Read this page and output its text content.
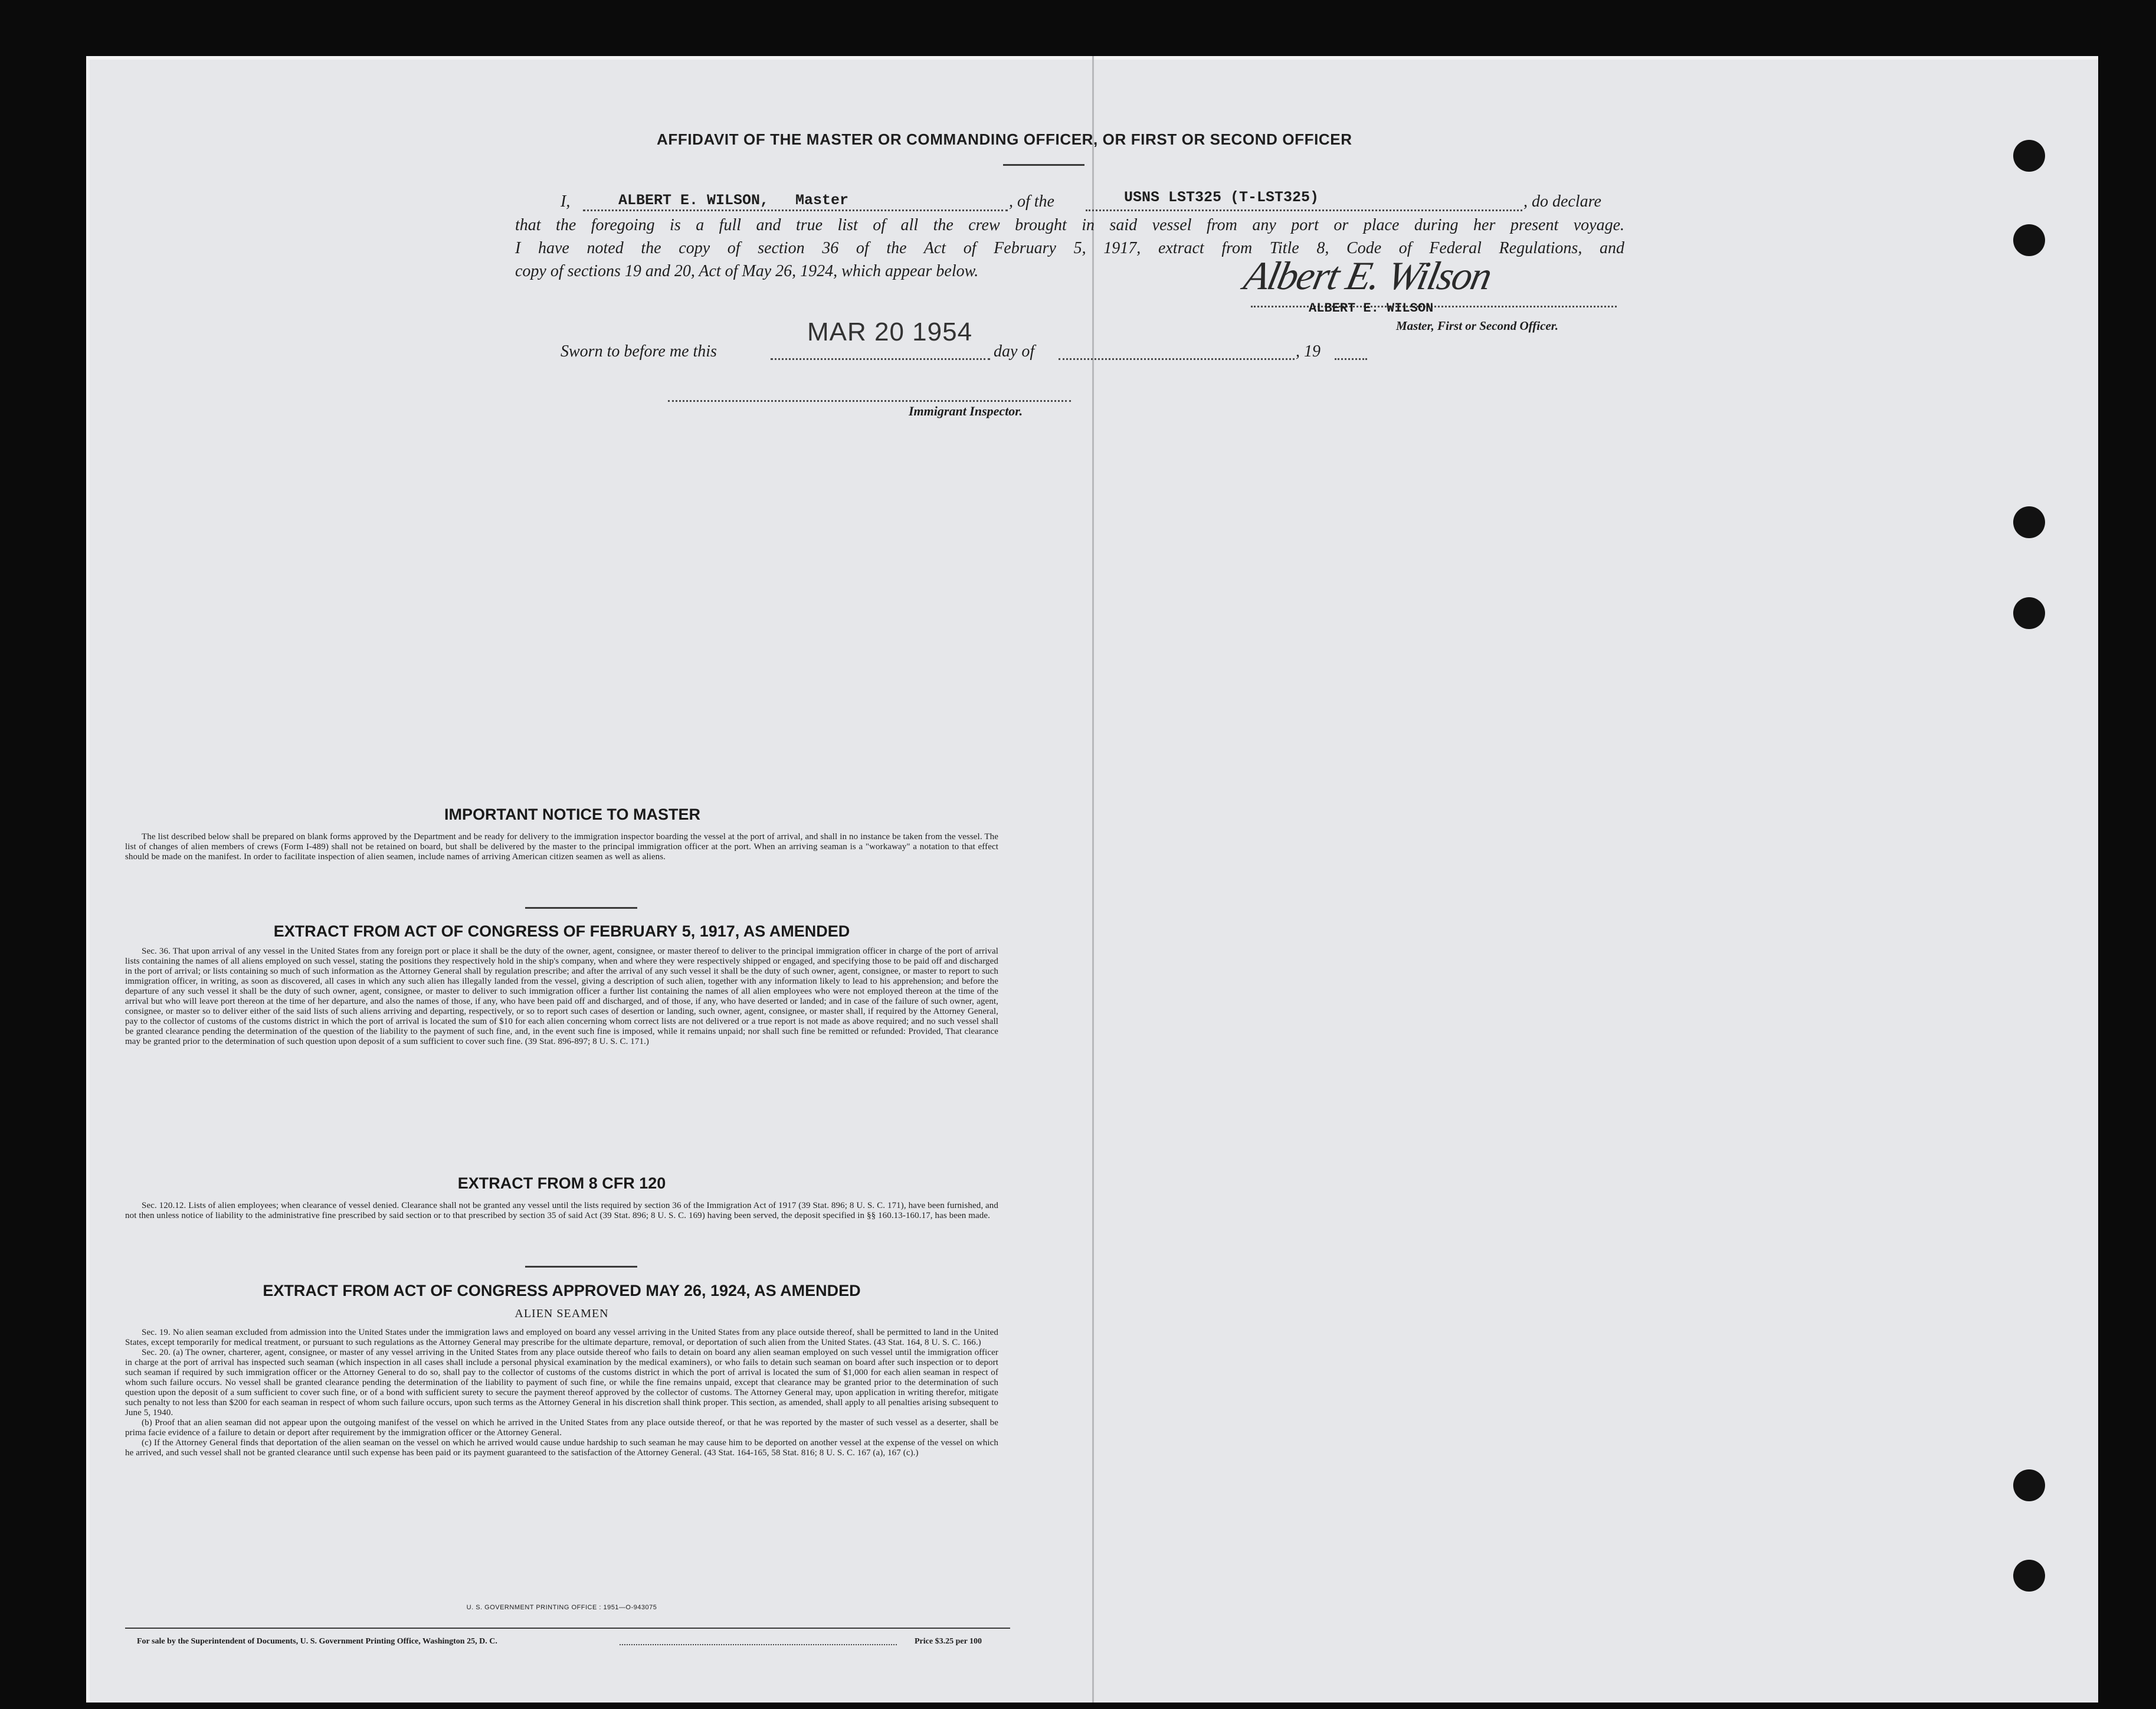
AFFIDAVIT OF THE MASTER OR COMMANDING OFFICER, OR FIRST OR SECOND OFFICER
I,	ALBERT E. WILSON,   Master	, of the	USNS LST325 (T-LST325)	, do declare
that the foregoing is a full and true list of all the crew brought in said vessel from any port or place during her present voyage.
I have noted the copy of section 36 of the Act of February 5, 1917, extract from Title 8, Code of Federal Regulations, and
copy of sections 19 and 20, Act of May 26, 1924, which appear below.	Albert E. Wilson
ALBERT E. WILSON
Master, First or Second Officer.
Sworn to before me this
MAR 20 1954
day of	, 19
Immigrant Inspector.
IMPORTANT NOTICE TO MASTER

The list described below shall be prepared on blank forms approved by the Department and be ready for delivery to the immigration inspector boarding the vessel at the port of arrival, and shall in no instance be taken from the vessel. The list of changes of alien members of crews (Form I-489) shall not be retained on board, but shall be delivered by the master to the principal immigration officer at the port. When an arriving seaman is a "workaway" a notation to that effect should be made on the manifest. In order to facilitate inspection of alien seamen, include names of arriving American citizen seamen as well as aliens.

EXTRACT FROM ACT OF CONGRESS OF FEBRUARY 5, 1917, AS AMENDED

Sec. 36. That upon arrival of any vessel in the United States from any foreign port or place it shall be the duty of the owner, agent, consignee, or master thereof to deliver to the principal immigration officer in charge of the port of arrival lists containing the names of all aliens employed on such vessel, stating the positions they respectively hold in the ship's company, when and where they were respectively shipped or engaged, and specifying those to be paid off and discharged in the port of arrival; or lists containing so much of such information as the Attorney General shall by regulation prescribe; and after the arrival of any such vessel it shall be the duty of such owner, agent, consignee, or master to report to such immigration officer, in writing, as soon as discovered, all cases in which any such alien has illegally landed from the vessel, giving a description of such alien, together with any information likely to lead to his apprehension; and before the departure of any such vessel it shall be the duty of such owner, agent, consignee, or master to deliver to such immigration officer a further list containing the names of all alien employees who were not employed thereon at the time of the arrival but who will leave port thereon at the time of her departure, and also the names of those, if any, who have been paid off and discharged, and of those, if any, who have deserted or landed; and in case of the failure of such owner, agent, consignee, or master so to deliver either of the said lists of such aliens arriving and departing, respectively, or so to report such cases of desertion or landing, such owner, agent, consignee, or master shall, if required by the Attorney General, pay to the collector of customs of the customs district in which the port of arrival is located the sum of $10 for each alien concerning whom correct lists are not delivered or a true report is not made as above required; and no such vessel shall be granted clearance pending the determination of the question of the liability to the payment of such fine, and, in the event such fine is imposed, while it remains unpaid; nor shall such fine be remitted or refunded: Provided, That clearance may be granted prior to the determination of such question upon deposit of a sum sufficient to cover such fine. (39 Stat. 896-897; 8 U. S. C. 171.)

EXTRACT FROM 8 CFR 120

Sec. 120.12. Lists of alien employees; when clearance of vessel denied. Clearance shall not be granted any vessel until the lists required by section 36 of the Immigration Act of 1917 (39 Stat. 896; 8 U. S. C. 171), have been furnished, and not then unless notice of liability to the administrative fine prescribed by said section or to that prescribed by section 35 of said Act (39 Stat. 896; 8 U. S. C. 169) having been served, the deposit specified in §§ 160.13-160.17, has been made.

EXTRACT FROM ACT OF CONGRESS APPROVED MAY 26, 1924, AS AMENDED
ALIEN SEAMEN

Sec. 19. No alien seaman excluded from admission into the United States under the immigration laws and employed on board any vessel arriving in the United States from any place outside thereof, shall be permitted to land in the United States, except temporarily for medical treatment, or pursuant to such regulations as the Attorney General may prescribe for the ultimate departure, removal, or deportation of such alien from the United States. (43 Stat. 164, 8 U. S. C. 166.)

Sec. 20. (a) The owner, charterer, agent, consignee, or master of any vessel arriving in the United States from any place outside thereof who fails to detain on board any alien seaman employed on such vessel until the immigration officer in charge at the port of arrival has inspected such seaman (which inspection in all cases shall include a personal physical examination by the medical examiners), or who fails to detain such seaman on board after such inspection or to deport such seaman if required by such immigration officer or the Attorney General to do so, shall pay to the collector of customs of the customs district in which the port of arrival is located the sum of $1,000 for each alien seaman in respect of whom such failure occurs. No vessel shall be granted clearance pending the determination of the liability to payment of such fine, or while the fine remains unpaid, except that clearance may be granted prior to the determination of such question upon the deposit of a sum sufficient to cover such fine, or of a bond with sufficient surety to secure the payment thereof approved by the collector of customs. The Attorney General may, upon application in writing therefor, mitigate such penalty to not less than $200 for each seaman in respect of whom such failure occurs, upon such terms as the Attorney General in his discretion shall think proper. This section, as amended, shall apply to all penalties arising subsequent to June 5, 1940.

(b) Proof that an alien seaman did not appear upon the outgoing manifest of the vessel on which he arrived in the United States from any place outside thereof, or that he was reported by the master of such vessel as a deserter, shall be prima facie evidence of a failure to detain or deport after requirement by the immigration officer or the Attorney General.

(c) If the Attorney General finds that deportation of the alien seaman on the vessel on which he arrived would cause undue hardship to such seaman he may cause him to be deported on another vessel at the expense of the vessel on which he arrived, and such vessel shall not be granted clearance until such expense has been paid or its payment guaranteed to the satisfaction of the Attorney General. (43 Stat. 164-165, 58 Stat. 816; 8 U. S. C. 167 (a), 167 (c).)

U. S. GOVERNMENT PRINTING OFFICE : 1951—O-943075
For sale by the Superintendent of Documents, U. S. Government Printing Office, Washington 25, D. C.	Price $3.25 per 100
